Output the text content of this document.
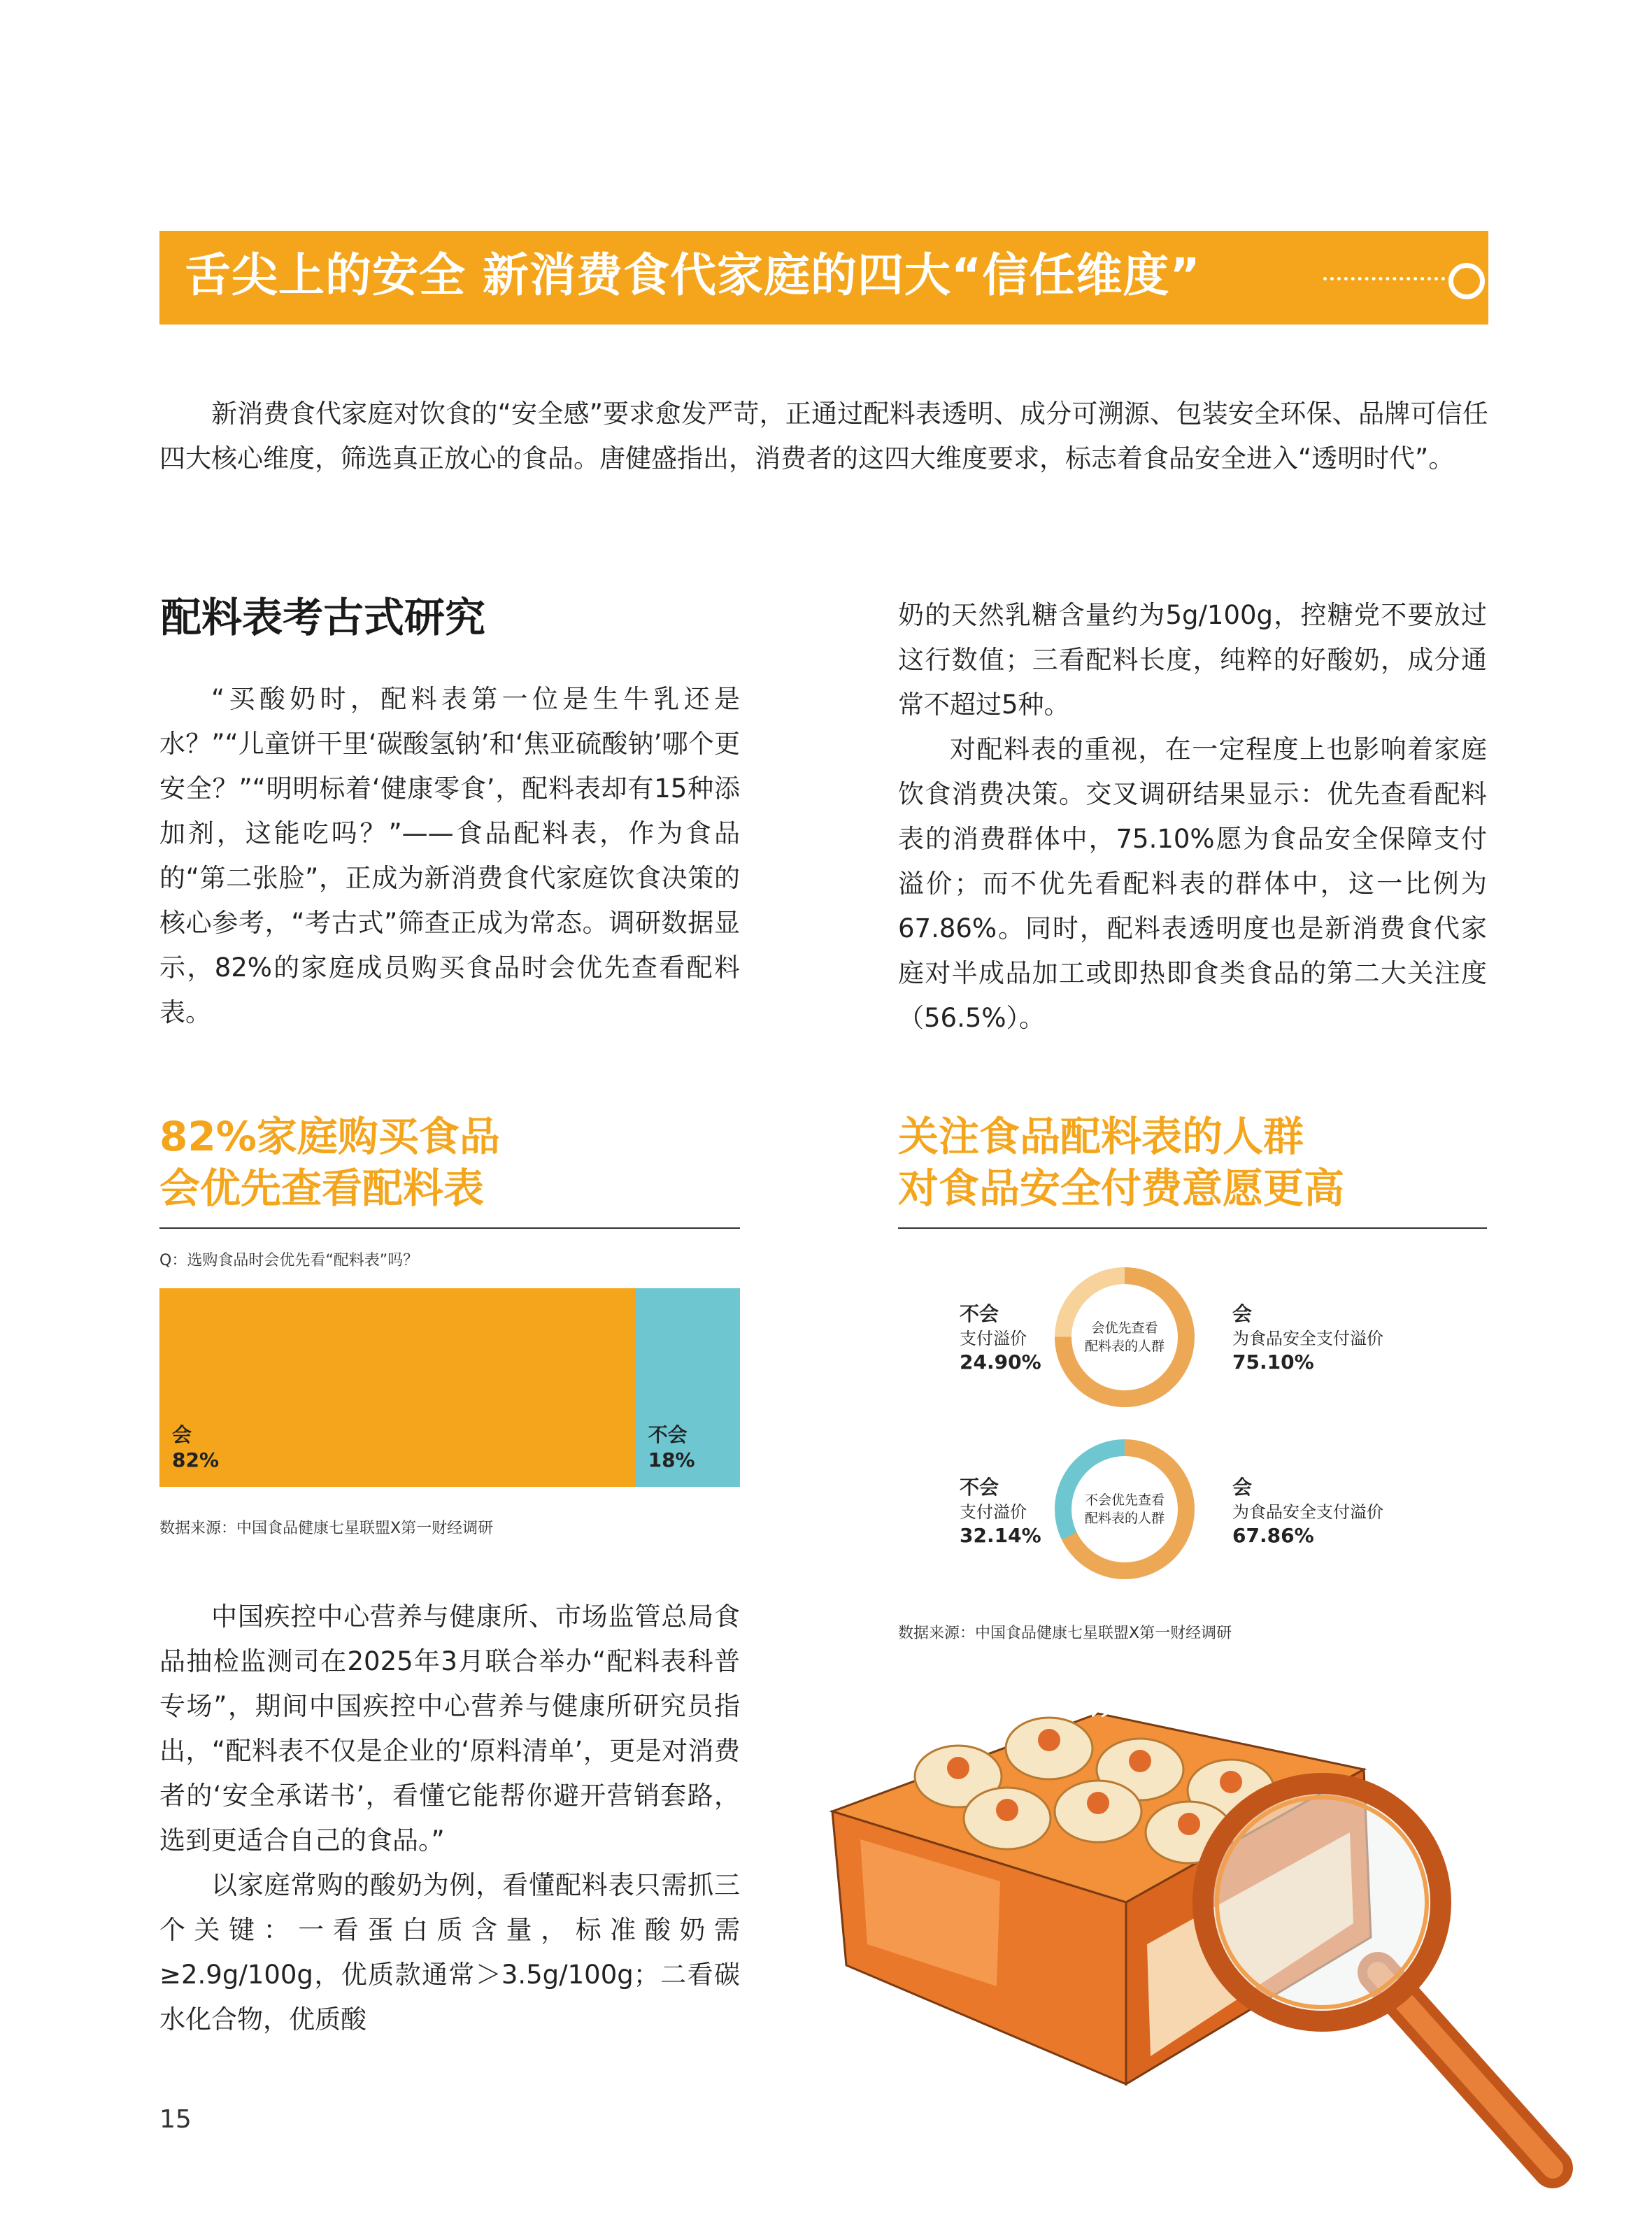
舌尖上的安全 新消费食代家庭的四大“信任维度”

新消费食代家庭对饮食的“安全感”要求愈发严苛，正通过配料表透明、成分可溯源、包装安全环保、品牌可信任四大核心维度，筛选真正放心的食品。唐健盛指出，消费者的这四大维度要求，标志着食品安全进入“透明时代”。

配料表考古式研究

“买酸奶时，配料表第一位是生牛乳还是水？”“儿童饼干里‘碳酸氢钠’和‘焦亚硫酸钠’哪个更安全？”“明明标着‘健康零食’，配料表却有15种添加剂，这能吃吗？”——食品配料表，作为食品的“第二张脸”，正成为新消费食代家庭饮食决策的核心参考，“考古式”筛查正成为常态。调研数据显示，82%的家庭成员购买食品时会优先查看配料表。

奶的天然乳糖含量约为5g/100g，控糖党不要放过这行数值；三看配料长度，纯粹的好酸奶，成分通常不超过5种。

对配料表的重视，在一定程度上也影响着家庭饮食消费决策。交叉调研结果显示：优先查看配料表的消费群体中，75.10%愿为食品安全保障支付溢价；而不优先看配料表的群体中，这一比例为67.86%。同时，配料表透明度也是新消费食代家庭对半成品加工或即热即食类食品的第二大关注度（56.5%）。

82%家庭购买食品
会优先查看配料表
Q：选购食品时会优先看“配料表”吗？
会
82%
不会
18%
数据来源：中国食品健康七星联盟X第一财经调研
关注食品配料表的人群
对食品安全付费意愿更高
不会
支付溢价
24.90%
会优先查看
配料表的人群
会
为食品安全支付溢价
75.10%
不会
支付溢价
32.14%
不会优先查看
配料表的人群
会
为食品安全支付溢价
67.86%
数据来源：中国食品健康七星联盟X第一财经调研

中国疾控中心营养与健康所、市场监管总局食品抽检监测司在2025年3月联合举办“配料表科普专场”，期间中国疾控中心营养与健康所研究员指出，“配料表不仅是企业的‘原料清单’，更是对消费者的‘安全承诺书’，看懂它能帮你避开营销套路，选到更适合自己的食品。”

以家庭常购的酸奶为例，看懂配料表只需抓三个关键：一看蛋白质含量，标准酸奶需≥2.9g/100g，优质款通常＞3.5g/100g；二看碳水化合物，优质酸

烧麦
15
